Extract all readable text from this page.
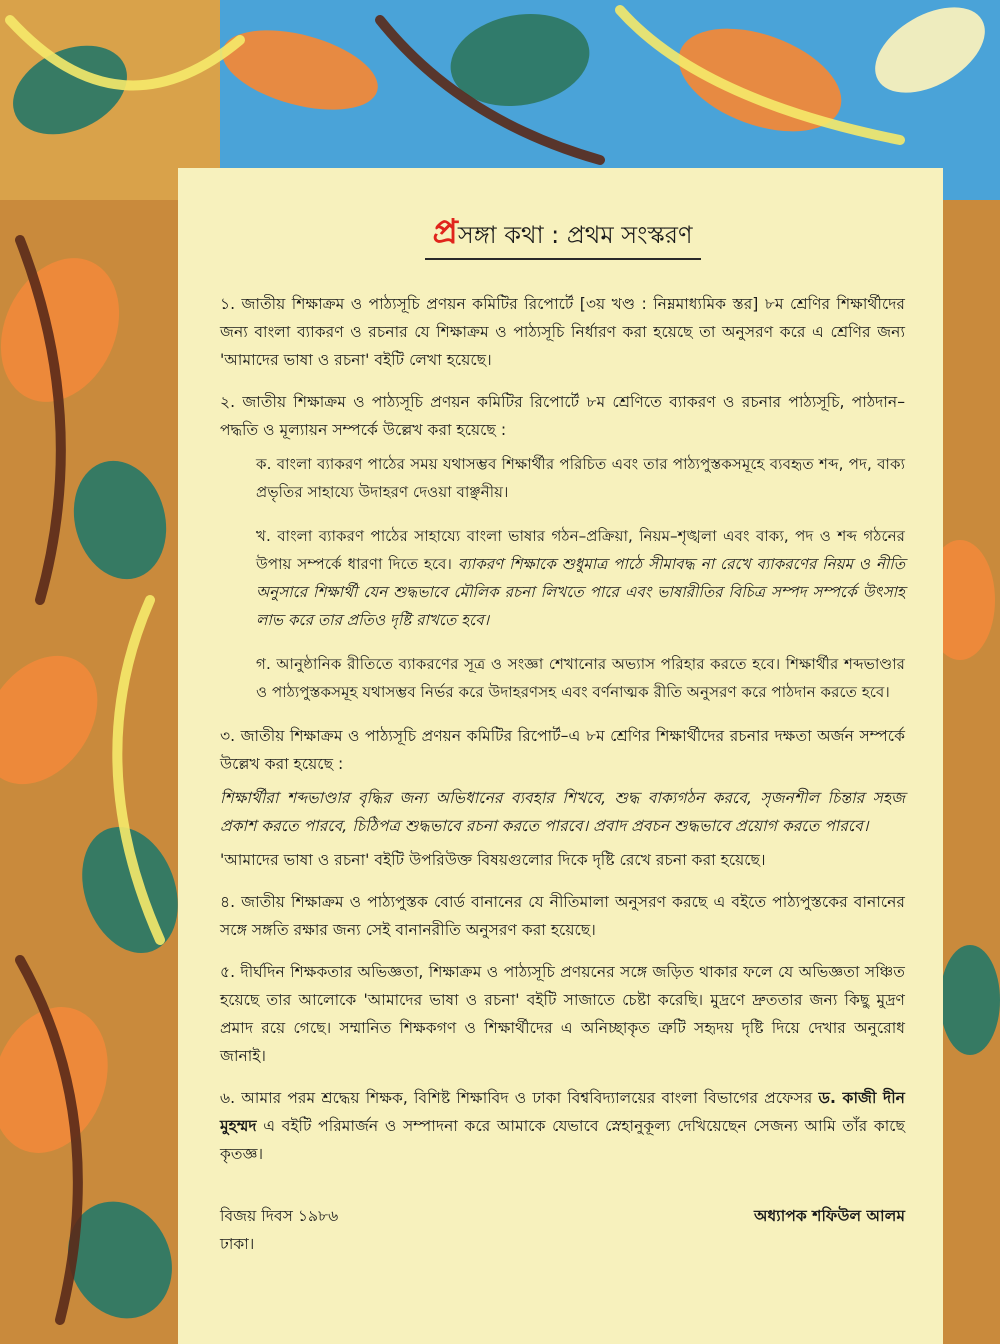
প্রসঙ্গা কথা : প্রথম সংস্করণ

১. জাতীয় শিক্ষাক্রম ও পাঠ্যসূচি প্রণয়ন কমিটির রিপোর্টে [৩য় খণ্ড : নিম্নমাধ্যমিক স্তর] ৮ম শ্রেণির শিক্ষার্থীদের জন্য বাংলা ব্যাকরণ ও রচনার যে শিক্ষাক্রম ও পাঠ্যসূচি নির্ধারণ করা হয়েছে তা অনুসরণ করে এ শ্রেণির জন্য 'আমাদের ভাষা ও রচনা' বইটি লেখা হয়েছে।

২. জাতীয় শিক্ষাক্রম ও পাঠ্যসূচি প্রণয়ন কমিটির রিপোর্টে ৮ম শ্রেণিতে ব্যাকরণ ও রচনার পাঠ্যসূচি, পাঠদান–পদ্ধতি ও মূল্যায়ন সম্পর্কে উল্লেখ করা হয়েছে :

ক. বাংলা ব্যাকরণ পাঠের সময় যথাসম্ভব শিক্ষার্থীর পরিচিত এবং তার পাঠ্যপুস্তকসমূহে ব্যবহৃত শব্দ, পদ, বাক্য প্রভৃতির সাহায্যে উদাহরণ দেওয়া বাঞ্ছনীয়।

খ. বাংলা ব্যাকরণ পাঠের সাহায্যে বাংলা ভাষার গঠন–প্রক্রিয়া, নিয়ম–শৃঙ্খলা এবং বাক্য, পদ ও শব্দ গঠনের উপায় সম্পর্কে ধারণা দিতে হবে। ব্যাকরণ শিক্ষাকে শুধুমাত্র পাঠে সীমাবদ্ধ না রেখে ব্যাকরণের নিয়ম ও নীতি অনুসারে শিক্ষার্থী যেন শুদ্ধভাবে মৌলিক রচনা লিখতে পারে এবং ভাষারীতির বিচিত্র সম্পদ সম্পর্কে উৎসাহ লাভ করে তার প্রতিও দৃষ্টি রাখতে হবে।

গ. আনুষ্ঠানিক রীতিতে ব্যাকরণের সূত্র ও সংজ্ঞা শেখানোর অভ্যাস পরিহার করতে হবে। শিক্ষার্থীর শব্দভাণ্ডার ও পাঠ্যপুস্তকসমূহ যথাসম্ভব নির্ভর করে উদাহরণসহ এবং বর্ণনাত্মক রীতি অনুসরণ করে পাঠদান করতে হবে।

৩. জাতীয় শিক্ষাক্রম ও পাঠ্যসূচি প্রণয়ন কমিটির রিপোর্ট–এ ৮ম শ্রেণির শিক্ষার্থীদের রচনার দক্ষতা অর্জন সম্পর্কে উল্লেখ করা হয়েছে :

শিক্ষার্থীরা শব্দভাণ্ডার বৃদ্ধির জন্য অভিধানের ব্যবহার শিখবে, শুদ্ধ বাক্যগঠন করবে, সৃজনশীল চিন্তার সহজ প্রকাশ করতে পারবে, চিঠিপত্র শুদ্ধভাবে রচনা করতে পারবে। প্রবাদ প্রবচন শুদ্ধভাবে প্রয়োগ করতে পারবে।

'আমাদের ভাষা ও রচনা' বইটি উপরিউক্ত বিষয়গুলোর দিকে দৃষ্টি রেখে রচনা করা হয়েছে।

৪. জাতীয় শিক্ষাক্রম ও পাঠ্যপুস্তক বোর্ড বানানের যে নীতিমালা অনুসরণ করছে এ বইতে পাঠ্যপুস্তকের বানানের সঙ্গে সঙ্গতি রক্ষার জন্য সেই বানানরীতি অনুসরণ করা হয়েছে।

৫. দীর্ঘদিন শিক্ষকতার অভিজ্ঞতা, শিক্ষাক্রম ও পাঠ্যসূচি প্রণয়নের সঙ্গে জড়িত থাকার ফলে যে অভিজ্ঞতা সঞ্চিত হয়েছে তার আলোকে 'আমাদের ভাষা ও রচনা' বইটি সাজাতে চেষ্টা করেছি। মুদ্রণে দ্রুততার জন্য কিছু মুদ্রণ প্রমাদ রয়ে গেছে। সম্মানিত শিক্ষকগণ ও শিক্ষার্থীদের এ অনিচ্ছাকৃত ত্রুটি সহৃদয় দৃষ্টি দিয়ে দেখার অনুরোধ জানাই।

৬. আমার পরম শ্রদ্ধেয় শিক্ষক, বিশিষ্ট শিক্ষাবিদ ও ঢাকা বিশ্ববিদ্যালয়ের বাংলা বিভাগের প্রফেসর ড. কাজী দীন মুহম্মদ এ বইটি পরিমার্জন ও সম্পাদনা করে আমাকে যেভাবে স্নেহানুকূল্য দেখিয়েছেন সেজন্য আমি তাঁর কাছে কৃতজ্ঞ।

বিজয় দিবস ১৯৮৬
ঢাকা।
অধ্যাপক শফিউল আলম
